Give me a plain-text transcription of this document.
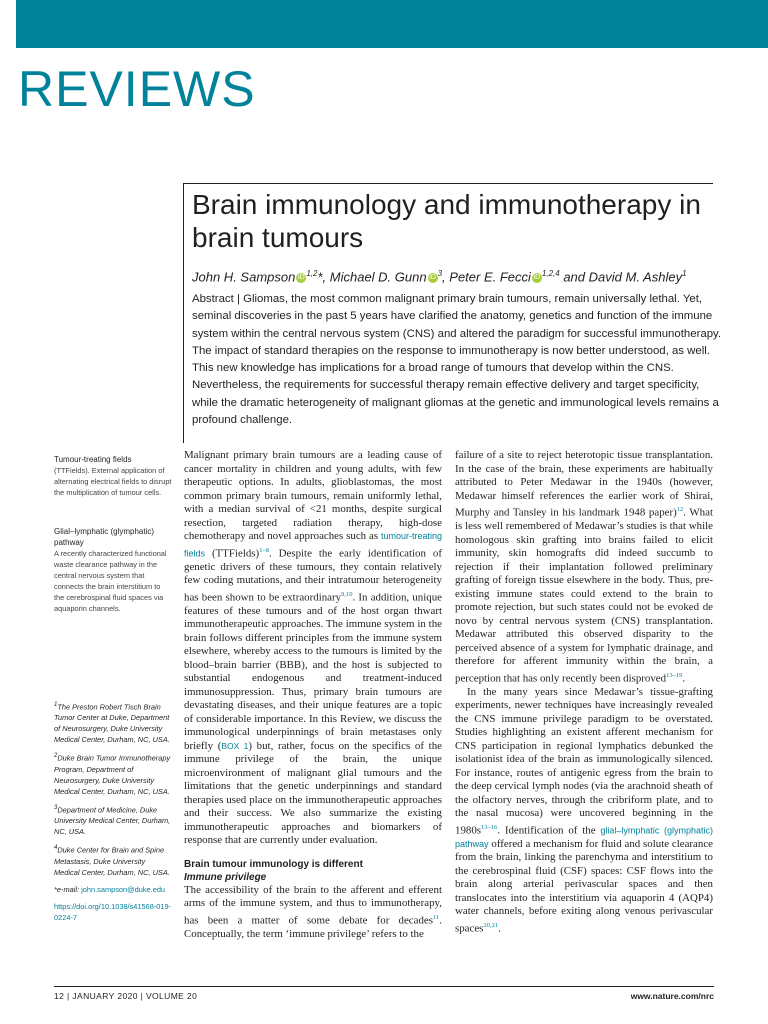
REVIEWS
Brain immunology and immunotherapy in brain tumours
John H. Sampson iD $^{1,2}$*, Michael D. Gunn iD $^3$, Peter E. Fecci iD $^{1,2,4}$ and David M. Ashley$^1$
Abstract | Gliomas, the most common malignant primary brain tumours, remain universally lethal. Yet, seminal discoveries in the past 5 years have clarified the anatomy, genetics and function of the immune system within the central nervous system (CNS) and altered the paradigm for successful immunotherapy. The impact of standard therapies on the response to immunotherapy is now better understood, as well. This new knowledge has implications for a broad range of tumours that develop within the CNS. Nevertheless, the requirements for successful therapy remain effective delivery and target specificity, while the dramatic heterogeneity of malignant gliomas at the genetic and immunological levels remains a profound challenge.
Tumour-treating fields
(TTFields). External application of alternating electrical fields to disrupt the multiplication of tumour cells.
Glial–lymphatic (glymphatic) pathway
A recently characterized functional waste clearance pathway in the central nervous system that connects the brain interstitium to the cerebrospinal fluid spaces via aquaporin channels.

$^1$The Preston Robert Tisch Brain Tumor Center at Duke, Department of Neurosurgery, Duke University Medical Center, Durham, NC, USA.

$^2$Duke Brain Tumor Immunotherapy Program, Department of Neurosurgery, Duke University Medical Center, Durham, NC, USA.

$^3$Department of Medicine, Duke University Medical Center, Durham, NC, USA.

$^4$Duke Center for Brain and Spine Metastasis, Duke University Medical Center, Durham, NC, USA.

*e-mail: john.sampson@duke.edu

https://doi.org/10.1038/s41568-019-0224-7

Malignant primary brain tumours are a leading cause of cancer mortality in children and young adults, with few therapeutic options. In adults, glioblastomas, the most common primary brain tumours, remain uniformly lethal, with a median survival of <21 months, despite surgical resection, targeted radiation therapy, high-dose chemotherapy and novel approaches such as tumour-treating fields (TTFields)$^{1-8}$. Despite the early identification of genetic drivers of these tumours, they contain relatively few coding mutations, and their intratumour heterogeneity has been shown to be extraordinary$^{9,10}$. In addition, unique features of these tumours and of the host organ thwart immunotherapeutic approaches. The immune system in the brain follows different principles from the immune system elsewhere, whereby access to the tumours is limited by the blood–brain barrier (BBB), and the host is subjected to substantial endogenous and treatment-induced immunosuppression. Thus, primary brain tumours are devastating diseases, and their unique features are a topic of considerable importance. In this Review, we discuss the immunological underpinnings of brain metastases only briefly (BOX 1) but, rather, focus on the specifics of the immune privilege of the brain, the unique microenvironment of malignant glial tumours and the limitations that the genetic underpinnings and standard therapies used place on the immunotherapeutic approaches and their success. We also summarize the existing immunotherapeutic approaches and biomarkers of response that are currently under evaluation.

Brain tumour immunology is different
Immune privilege

The accessibility of the brain to the afferent and efferent arms of the immune system, and thus to immunotherapy, has been a matter of some debate for decades$^{11}$. Conceptually, the term ‘immune privilege’ refers to the

failure of a site to reject heterotopic tissue transplantation. In the case of the brain, these experiments are habitually attributed to Peter Medawar in the 1940s (however, Medawar himself references the earlier work of Shirai, Murphy and Tansley in his landmark 1948 paper)$^{12}$. What is less well remembered of Medawar’s studies is that while homologous skin grafting into brains failed to elicit immunity, skin homografts did indeed succumb to rejection if their implantation followed preliminary grafting of foreign tissue elsewhere in the body. Thus, pre-existing immune states could extend to the brain to promote rejection, but such states could not be evoked de novo by central nervous system (CNS) transplantation. Medawar attributed this observed disparity to the perceived absence of a system for lymphatic drainage, and therefore for afferent immunity within the brain, a perception that has only recently been disproved$^{13-19}$.

In the many years since Medawar’s tissue-grafting experiments, newer techniques have increasingly revealed the CNS immune privilege paradigm to be overstated. Studies highlighting an existent afferent mechanism for CNS participation in regional lymphatics debunked the isolationist idea of the brain as immunologically silenced. For instance, routes of antigenic egress from the brain to the deep cervical lymph nodes (via the arachnoid sheath of the olfactory nerves, through the cribriform plate, and to the nasal mucosa) were uncovered beginning in the 1980s$^{13-16}$. Identification of the glial–lymphatic (glymphatic) pathway offered a mechanism for fluid and solute clearance from the brain, linking the parenchyma and interstitium to the cerebrospinal fluid (CSF) spaces: CSF flows into the brain along arterial perivascular spaces and then translocates into the interstitium via aquaporin 4 (AQP4) water channels, before exiting along venous perivascular spaces$^{20,21}$.

12 | JANUARY 2020 | VOLUME 20	www.nature.com/nrc
